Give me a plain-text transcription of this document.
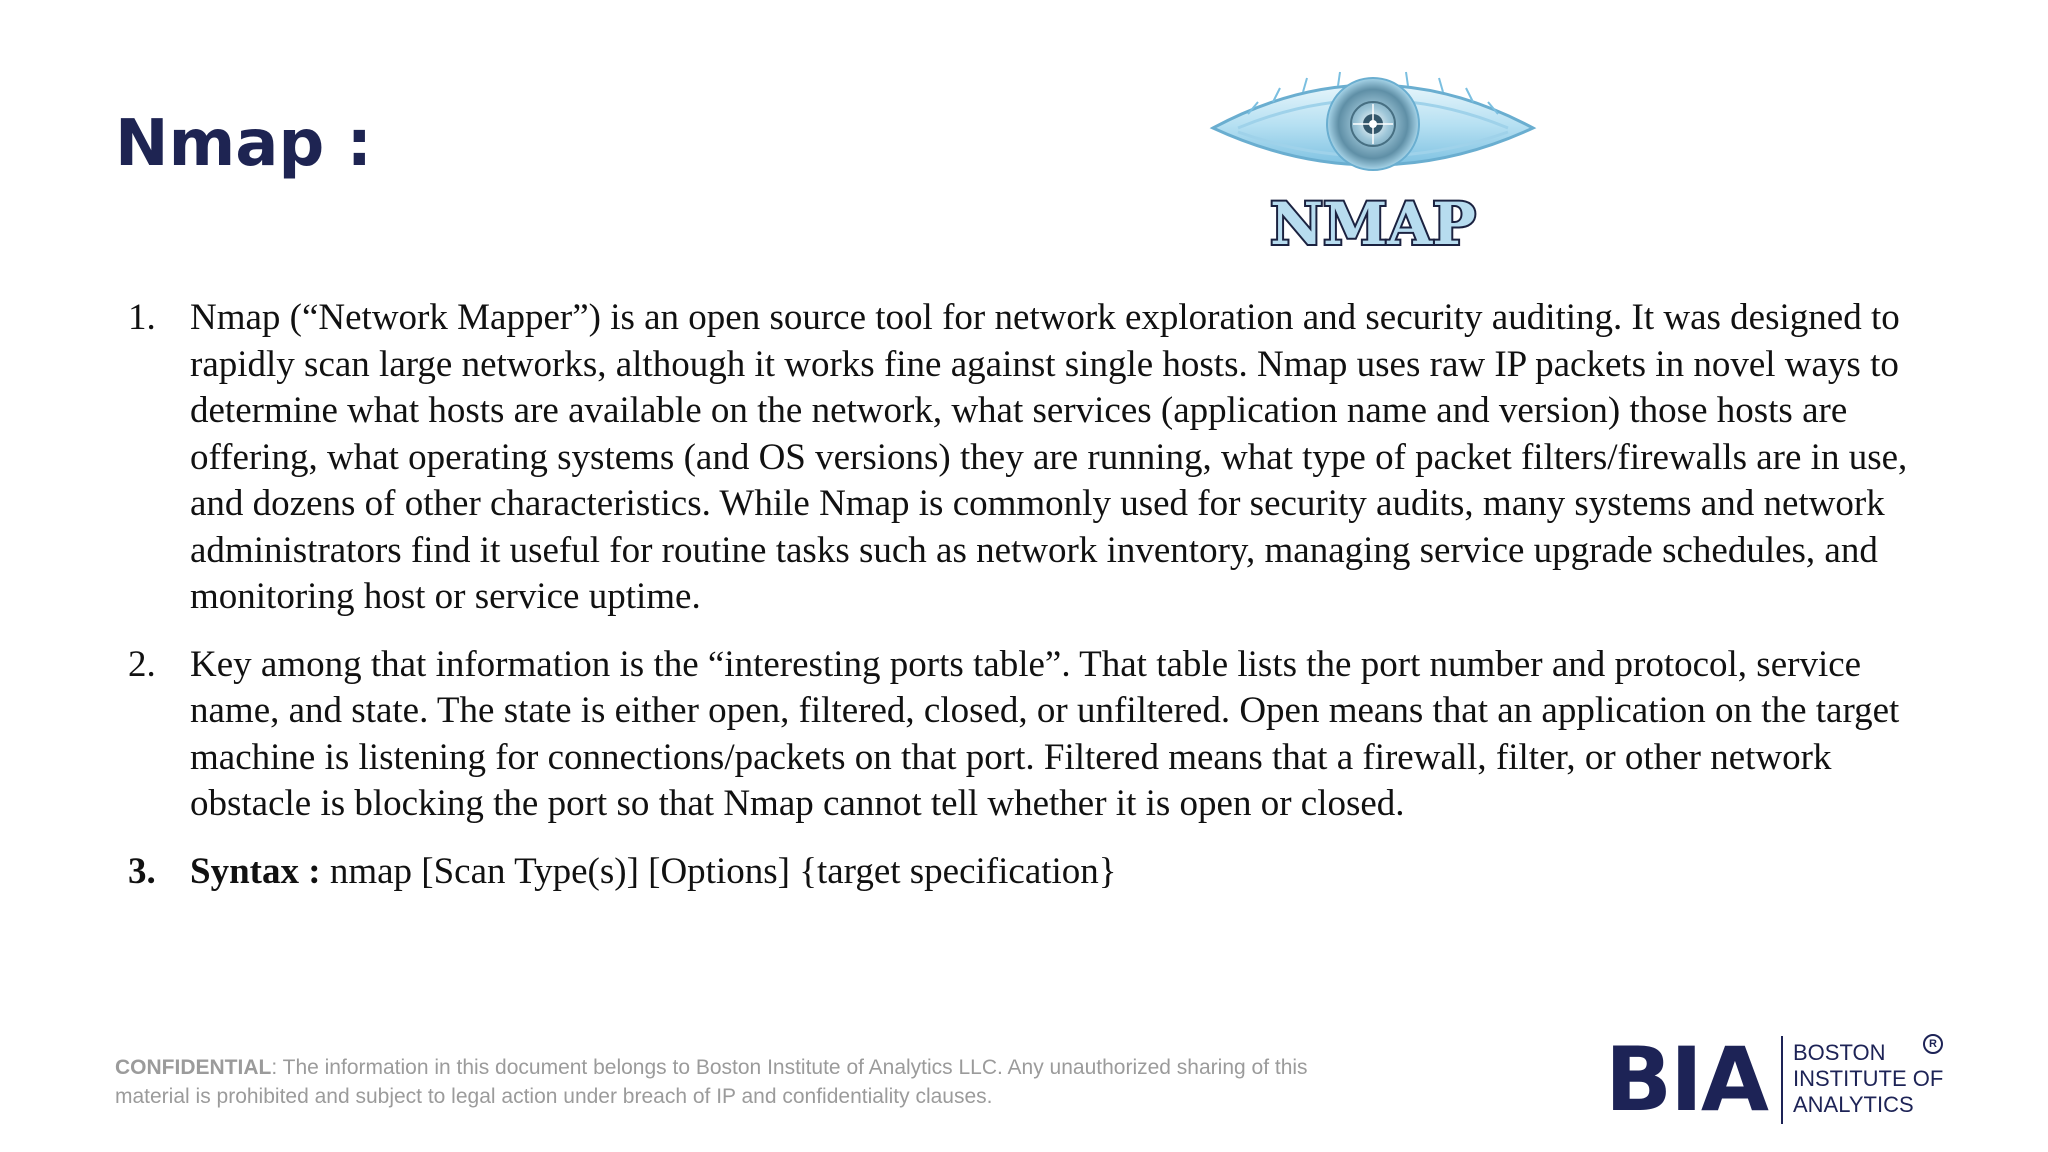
Nmap :
NMAP
1. Nmap (“Network Mapper”) is an open source tool for network exploration and security auditing. It was designed to rapidly scan large networks, although it works fine against single hosts. Nmap uses raw IP packets in novel ways to determine what hosts are available on the network, what services (application name and version) those hosts are offering, what operating systems (and OS versions) they are running, what type of packet filters/firewalls are in use, and dozens of other characteristics. While Nmap is commonly used for security audits, many systems and network administrators find it useful for routine tasks such as network inventory, managing service upgrade schedules, and monitoring host or service uptime.
2. Key among that information is the “interesting ports table”. That table lists the port number and protocol, service name, and state. The state is either open, filtered, closed, or unfiltered. Open means that an application on the target machine is listening for connections/packets on that port. Filtered means that a firewall, filter, or other network obstacle is blocking the port so that Nmap cannot tell whether it is open or closed.
3. Syntax : nmap [Scan Type(s)] [Options] {target specification}

CONFIDENTIAL: The information in this document belongs to Boston Institute of Analytics LLC. Any unauthorized sharing of this material is prohibited and subject to legal action under breach of IP and confidentiality clauses.	BIA BOSTON
INSTITUTE OF
ANALYTICS
R
